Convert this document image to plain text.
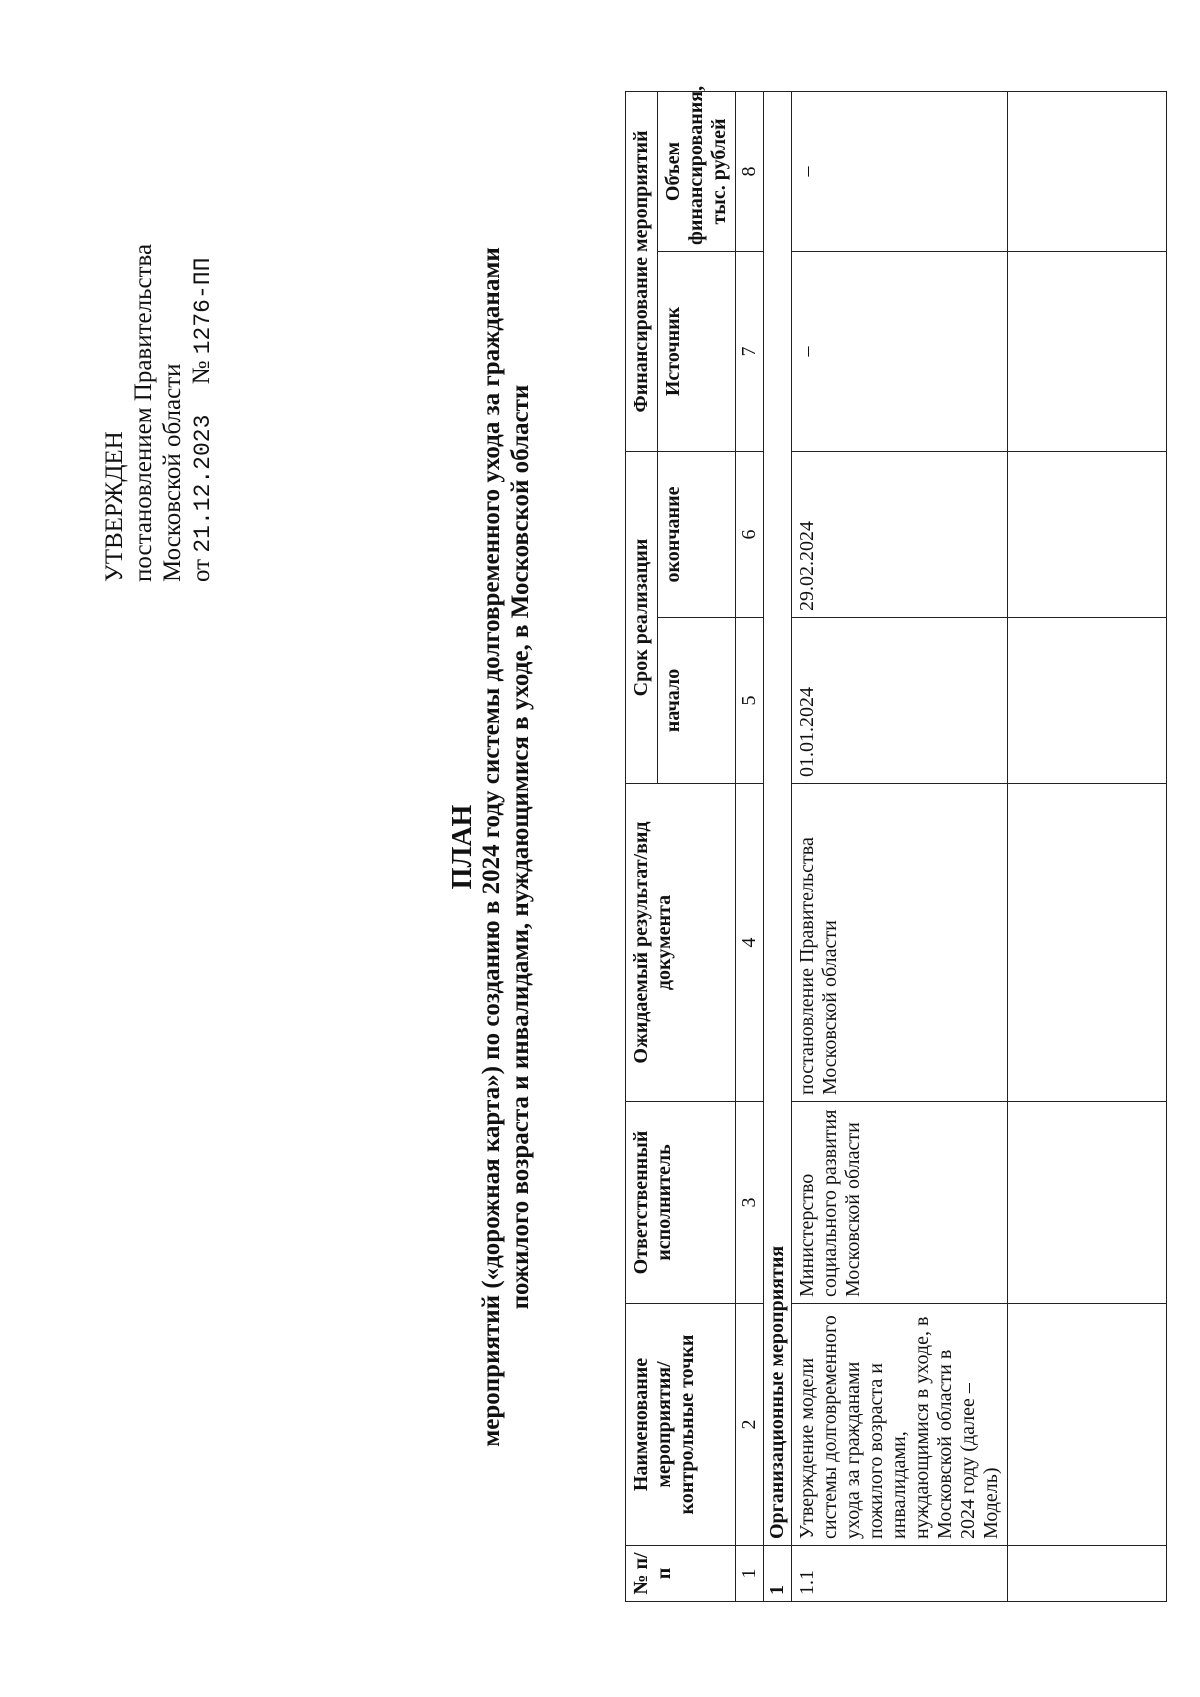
УТВЕРЖДЕН постановлением Правительства Московской области от 21.12.2023 № 1276-ПП
ПЛАН мероприятий («дорожная карта») по созданию в 2024 году системы долговременного ухода за гражданами пожилого возраста и инвалидами, нуждающимися в уходе, в Московской области
№ п/п	Наименование мероприятия/ контрольные точки	Ответственный исполнитель	Ожидаемый результат/вид документа	Срок реализации		Финансирование мероприятий	
				начало	окончание	Источник	Объем финансирования, тыс. рублей
1	2	3	4	5	6	7	8
1	Организационные мероприятия						
1.1	Утверждение модели системы долговременного ухода за гражданами пожилого возраста и инвалидами, нуждающимися в уходе, в Московской области в 2024 году (далее – Модель)	Министерство социального развития Московской области	постановление Правительства Московской области	01.01.2024	29.02.2024	–	–
